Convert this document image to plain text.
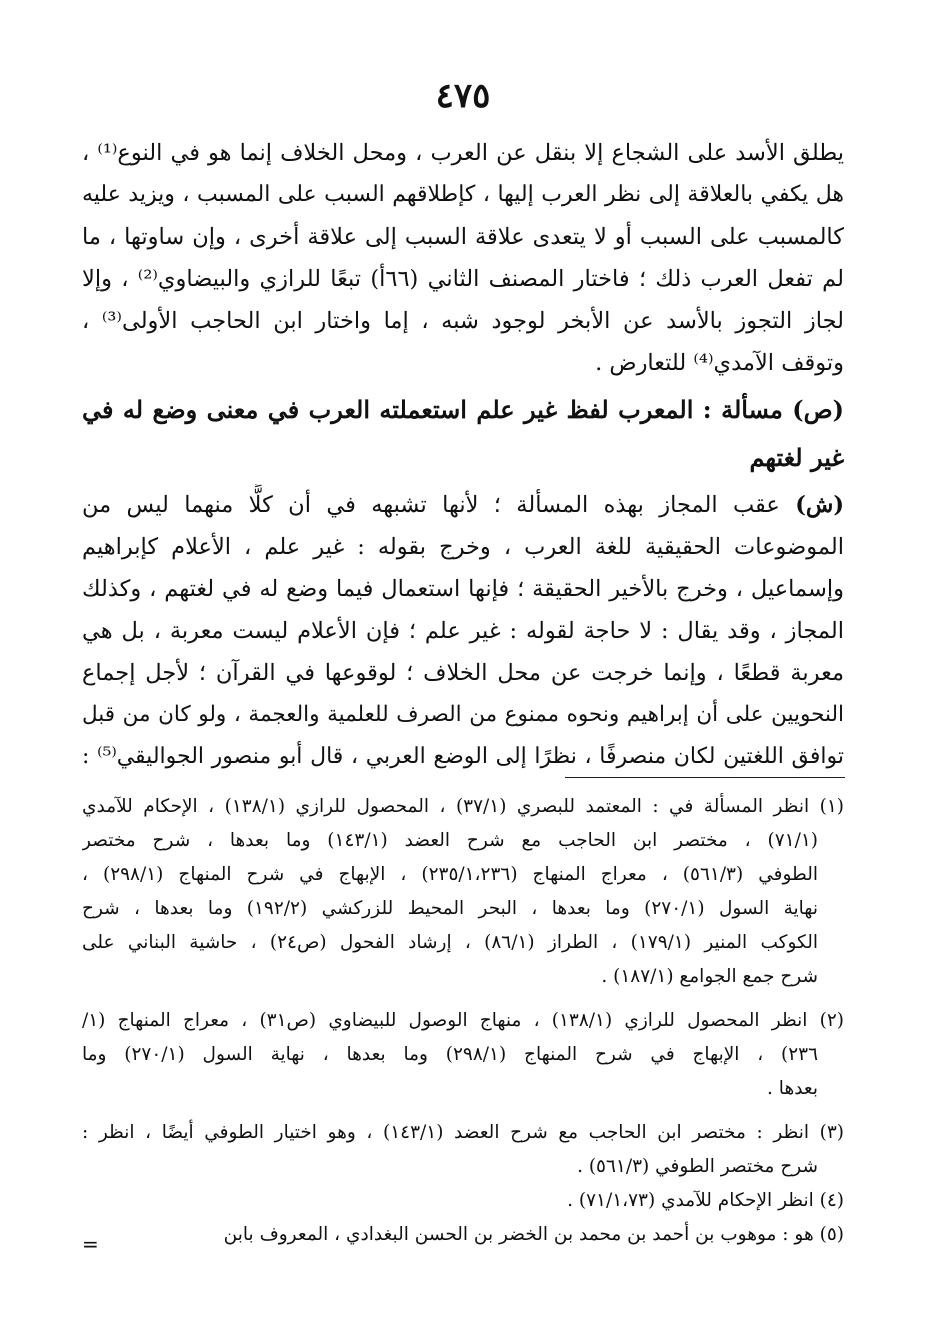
٤٧٥
يطلق الأسد على الشجاع إلا بنقل عن العرب ، ومحل الخلاف إنما هو في النوع⁽¹⁾ ،
هل يكفي بالعلاقة إلى نظر العرب إليها ، كإطلاقهم السبب على المسبب ، ويزيد عليه
كالمسبب على السبب أو لا يتعدى علاقة السبب إلى علاقة أخرى ، وإن ساوتها ، ما
لم تفعل العرب ذلك ؛ فاختار المصنف الثاني (٦٦أ) تبعًا للرازي والبيضاوي⁽²⁾ ، وإلا
لجاز التجوز بالأسد عن الأبخر لوجود شبه ، إما واختار ابن الحاجب الأولى⁽³⁾ ،
وتوقف الآمدي⁽⁴⁾ للتعارض .
(ص) مسألة : المعرب لفظ غير علم استعملته العرب في معنى وضع له في
غير لغتهم
(ش) عقب المجاز بهذه المسألة ؛ لأنها تشبهه في أن كلًّا منهما ليس من
الموضوعات الحقيقية للغة العرب ، وخرج بقوله : غير علم ، الأعلام كإبراهيم
وإسماعيل ، وخرج بالأخير الحقيقة ؛ فإنها استعمال فيما وضع له في لغتهم ، وكذلك
المجاز ، وقد يقال : لا حاجة لقوله : غير علم ؛ فإن الأعلام ليست معربة ، بل هي
معربة قطعًا ، وإنما خرجت عن محل الخلاف ؛ لوقوعها في القرآن ؛ لأجل إجماع
النحويين على أن إبراهيم ونحوه ممنوع من الصرف للعلمية والعجمة ، ولو كان من قبل
توافق اللغتين لكان منصرفًا ، نظرًا إلى الوضع العربي ، قال أبو منصور الجواليقي⁽⁵⁾ :
(١) انظر المسألة في : المعتمد للبصري (٣٧/١) ، المحصول للرازي (١٣٨/١) ، الإحكام للآمدي
(٧١/١) ، مختصر ابن الحاجب مع شرح العضد (١٤٣/١) وما بعدها ، شرح مختصر
الطوفي (٥٦١/٣) ، معراج المنهاج (٢٣٥/١،٢٣٦) ، الإبهاج في شرح المنهاج (٢٩٨/١) ،
نهاية السول (٢٧٠/١) وما بعدها ، البحر المحيط للزركشي (١٩٢/٢) وما بعدها ، شرح
الكوكب المنير (١٧٩/١) ، الطراز (٨٦/١) ، إرشاد الفحول (ص٢٤) ، حاشية البناني على
شرح جمع الجوامع (١٨٧/١) .
(٢) انظر المحصول للرازي (١٣٨/١) ، منهاج الوصول للبيضاوي (ص٣١) ، معراج المنهاج (١/
٢٣٦) ، الإبهاج في شرح المنهاج (٢٩٨/١) وما بعدها ، نهاية السول (٢٧٠/١) وما
بعدها .
(٣) انظر : مختصر ابن الحاجب مع شرح العضد (١٤٣/١) ، وهو اختيار الطوفي أيضًا ، انظر :
شرح مختصر الطوفي (٥٦١/٣) .
(٤) انظر الإحكام للآمدي (٧١/١،٧٣) .
(٥) هو : موهوب بن أحمد بن محمد بن الخضر بن الحسن البغدادي ، المعروف بابن
=
